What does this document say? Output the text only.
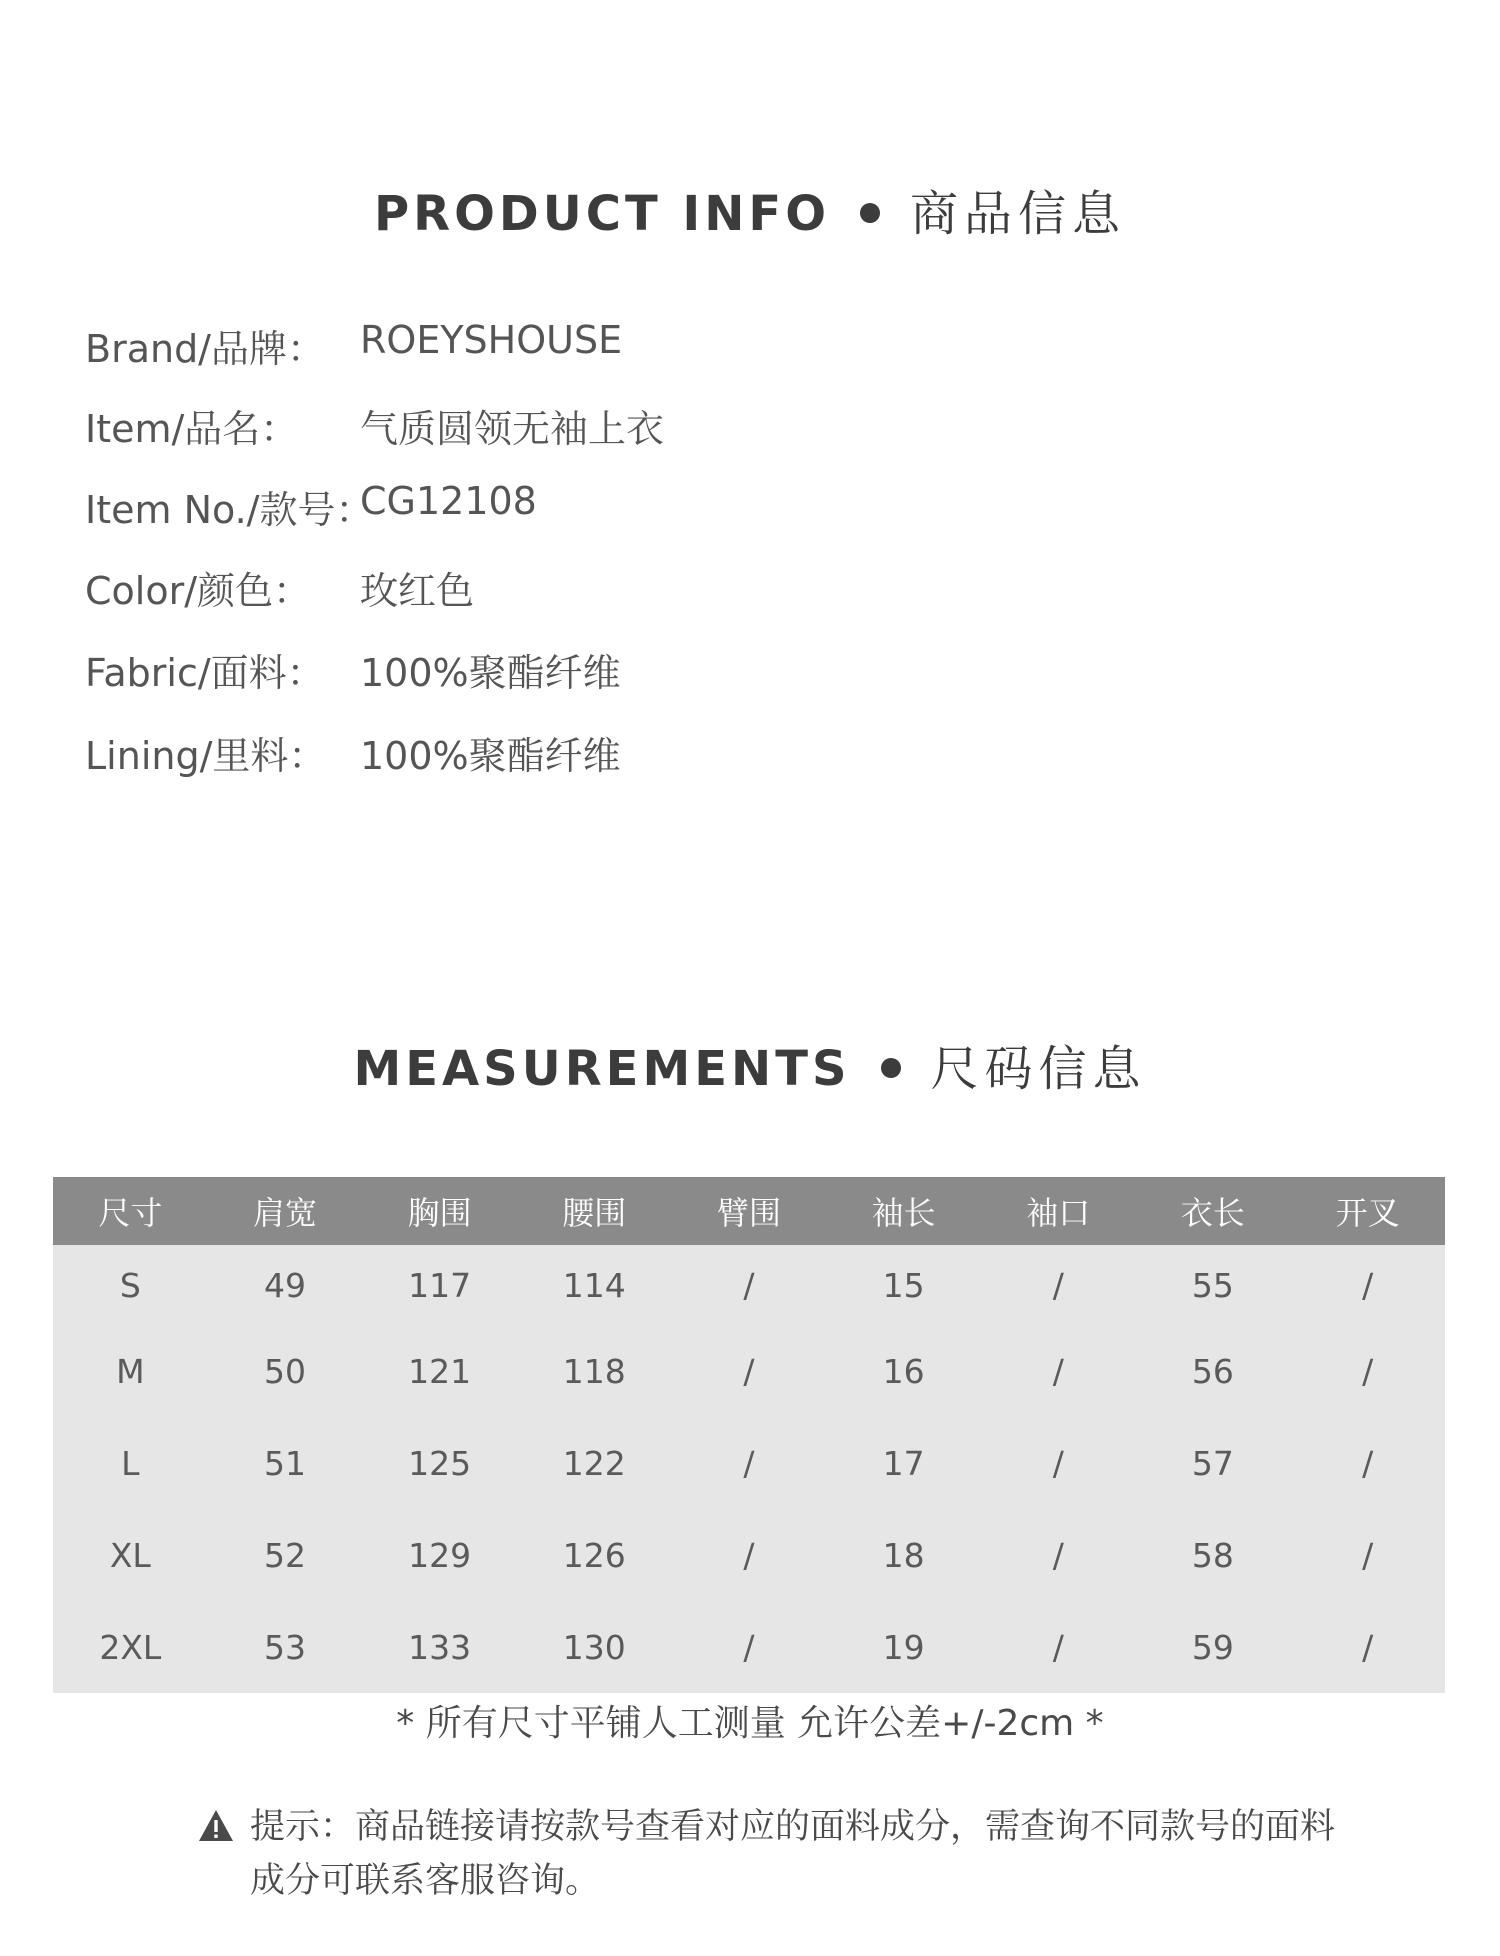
PRODUCT INFO 商品信息
Brand/品牌： ROEYSHOUSE
Item/品名： 气质圆领无袖上衣
Item No./款号：
CG12108
Color/颜色： 玫红色
Fabric/面料： 100%聚酯纤维
Lining/里料： 100%聚酯纤维
MEASUREMENTS 尺码信息
尺寸	肩宽	胸围	腰围	臂围	袖长	袖口	衣长	开叉
S	49	117	114	/	15	/	55	/
M	50	121	118	/	16	/	56	/
L	51	125	122	/	17	/	57	/
XL	52	129	126	/	18	/	58	/
2XL	53	133	130	/	19	/	59	/
* 所有尺寸平铺人工测量 允许公差+/-2cm *
提示：商品链接请按款号查看对应的面料成分，需查询不同款号的面料成分可联系客服咨询。
